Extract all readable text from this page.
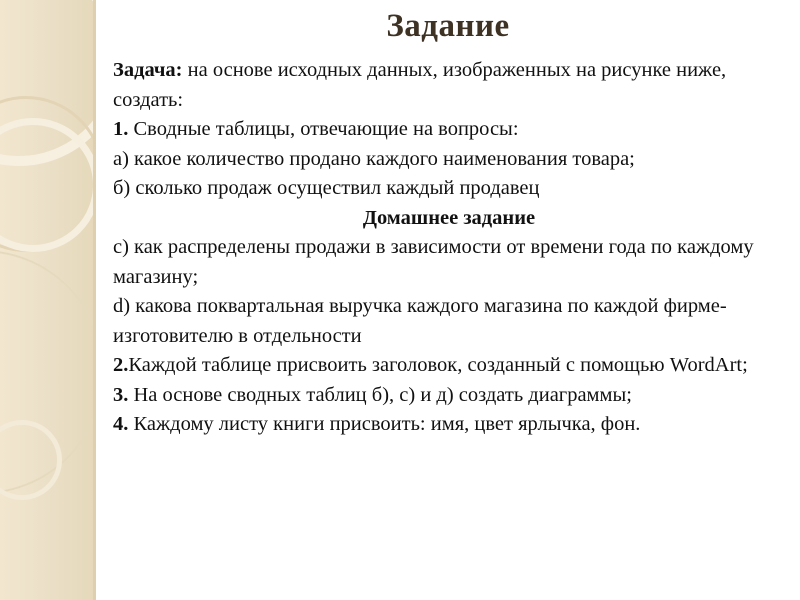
Задание

Задача: на основе исходных данных, изображенных на рисунке ниже, создать:

1. Сводные таблицы, отвечающие на вопросы:

а) какое количество продано каждого наименования товара;

б) сколько продаж осуществил каждый продавец

Домашнее задание

c) как распределены продажи в зависимости от времени года по каждому магазину;

d) какова поквартальная выручка каждого магазина по каждой фирме-изготовителю в отдельности

2.Каждой таблице присвоить заголовок, созданный с помощью WordArt;

3. На основе сводных таблиц б), с) и д) создать диаграммы;

4. Каждому листу книги присвоить: имя, цвет ярлычка, фон.
